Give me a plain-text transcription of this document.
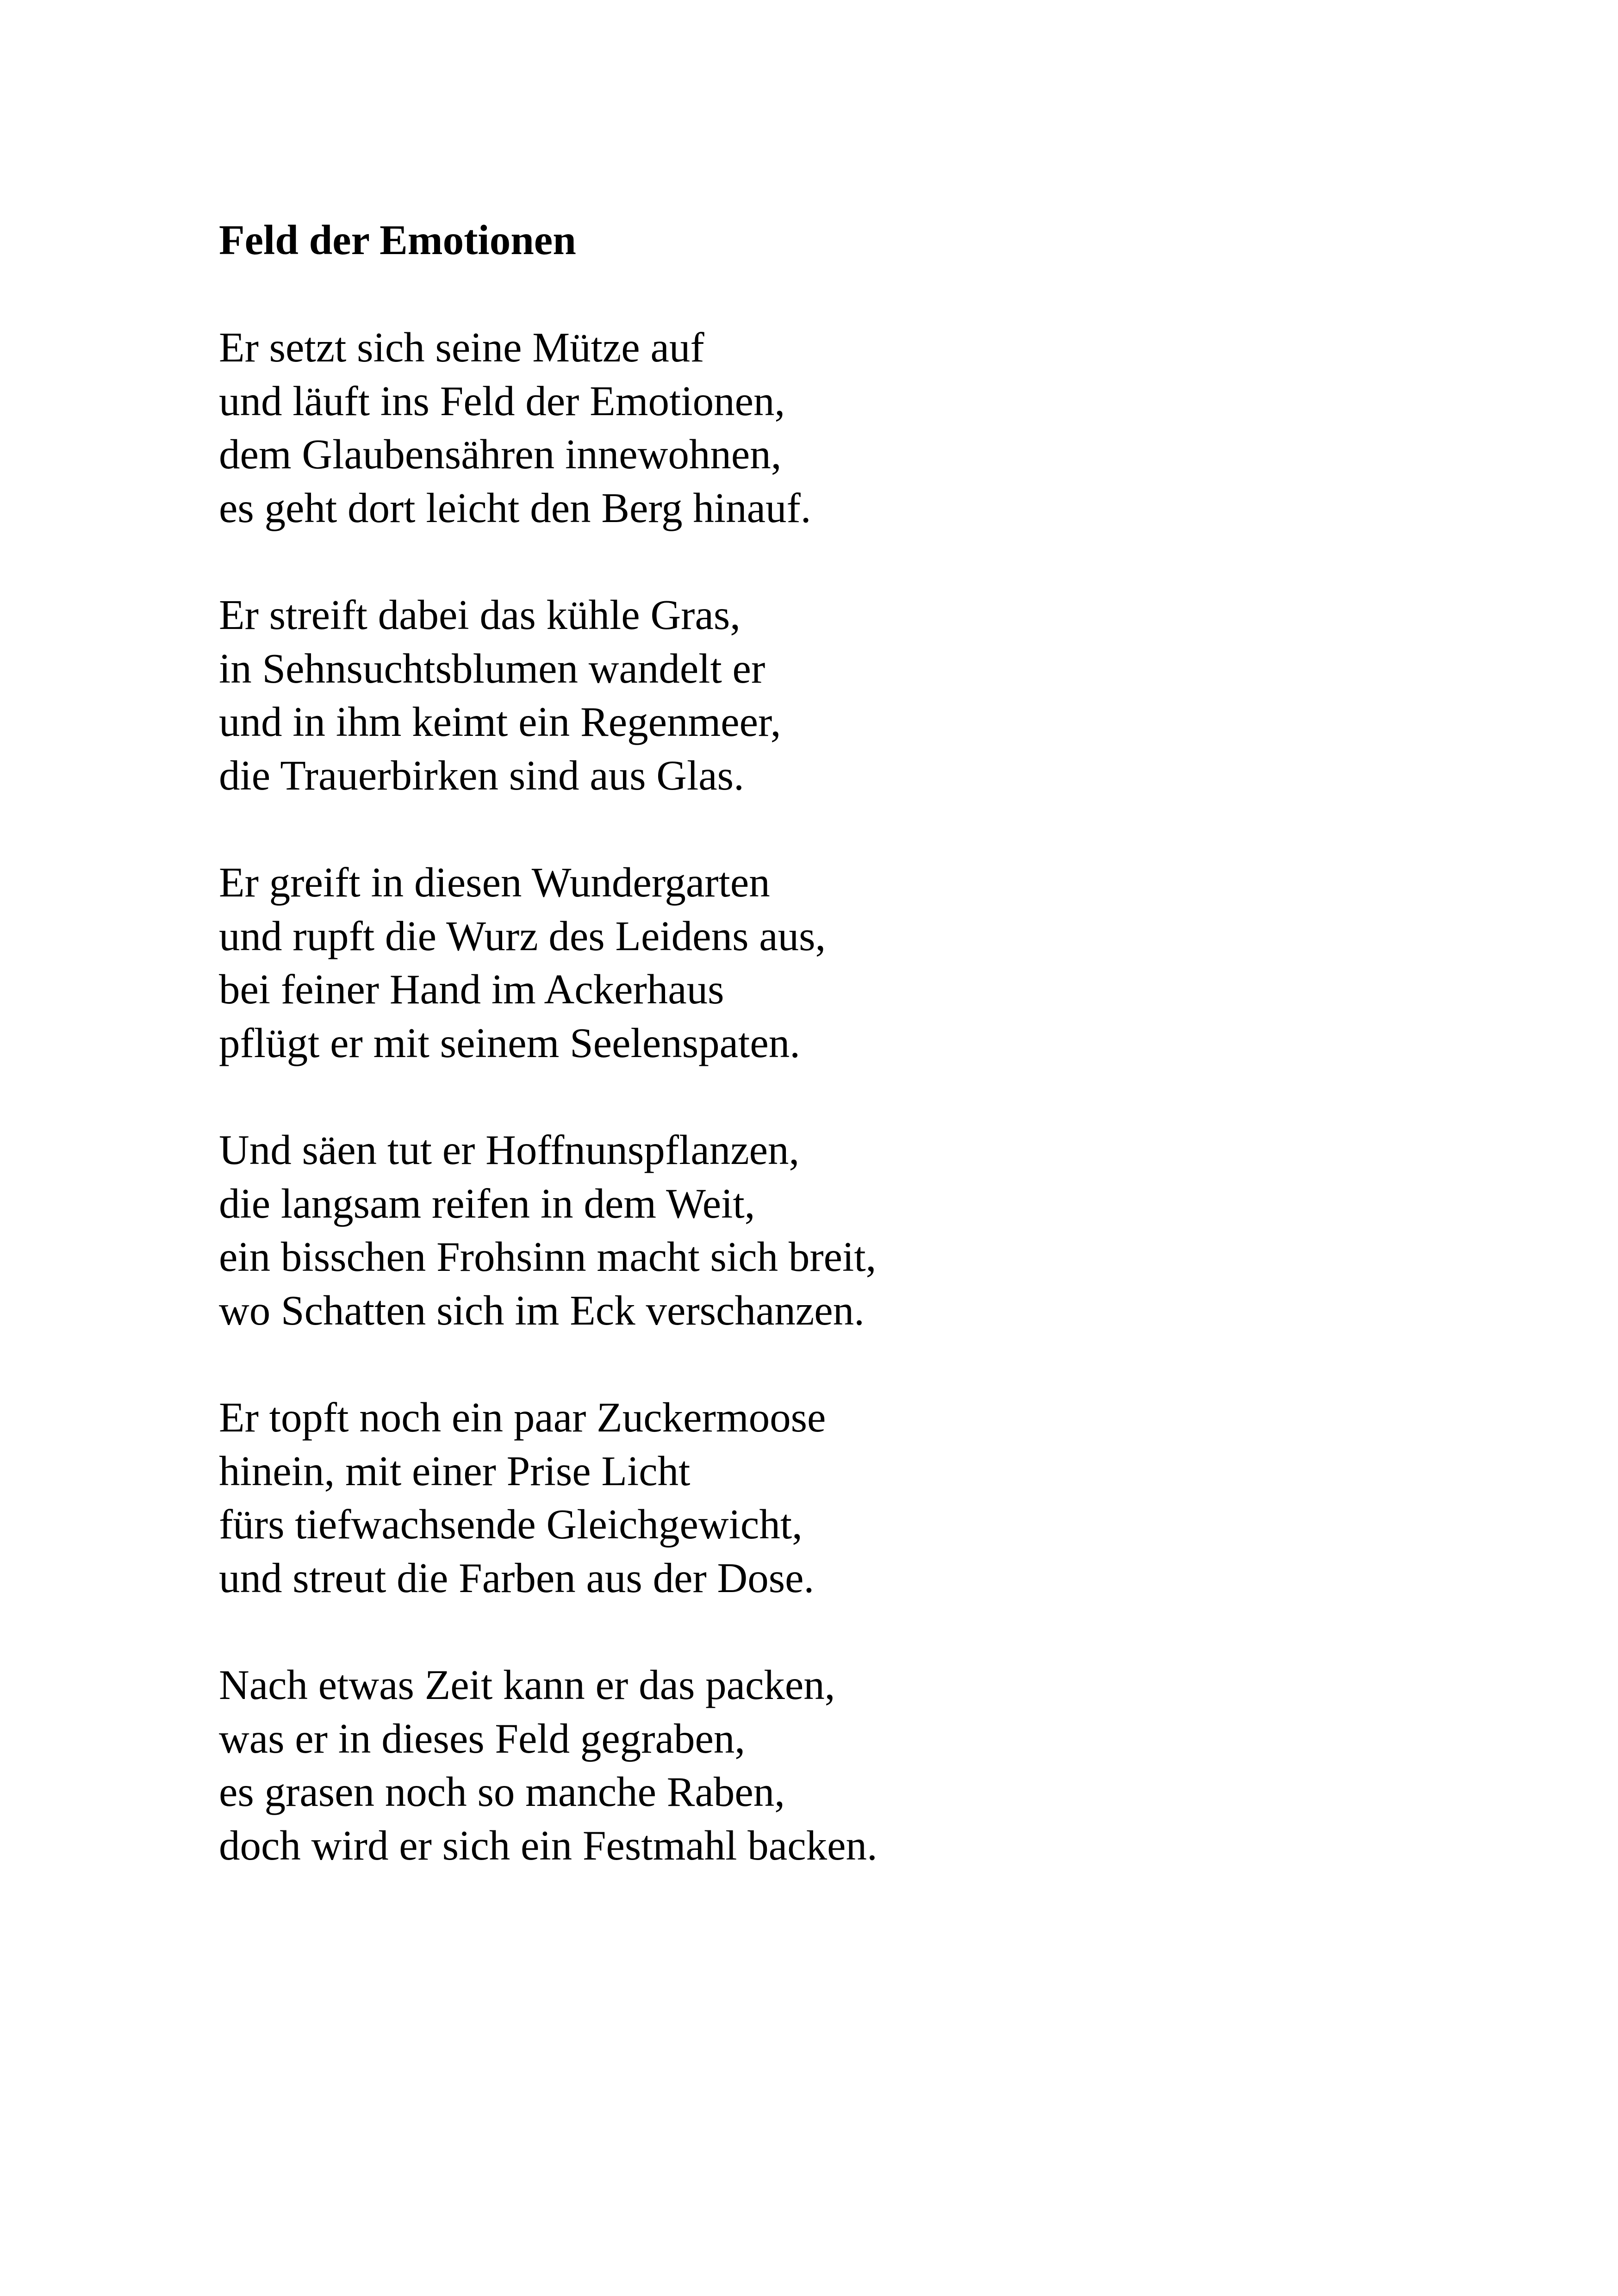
Feld der Emotionen
Er setzt sich seine Mütze auf
und läuft ins Feld der Emotionen,
dem Glaubensähren innewohnen,
es geht dort leicht den Berg hinauf.
Er streift dabei das kühle Gras,
in Sehnsuchtsblumen wandelt er
und in ihm keimt ein Regenmeer,
die Trauerbirken sind aus Glas.
Er greift in diesen Wundergarten
und rupft die Wurz des Leidens aus,
bei feiner Hand im Ackerhaus
pflügt er mit seinem Seelenspaten.
Und säen tut er Hoffnunspflanzen,
die langsam reifen in dem Weit,
ein bisschen Frohsinn macht sich breit,
wo Schatten sich im Eck verschanzen.
Er topft noch ein paar Zuckermoose
hinein, mit einer Prise Licht
fürs tiefwachsende Gleichgewicht,
und streut die Farben aus der Dose.
Nach etwas Zeit kann er das packen,
was er in dieses Feld gegraben,
es grasen noch so manche Raben,
doch wird er sich ein Festmahl backen.
